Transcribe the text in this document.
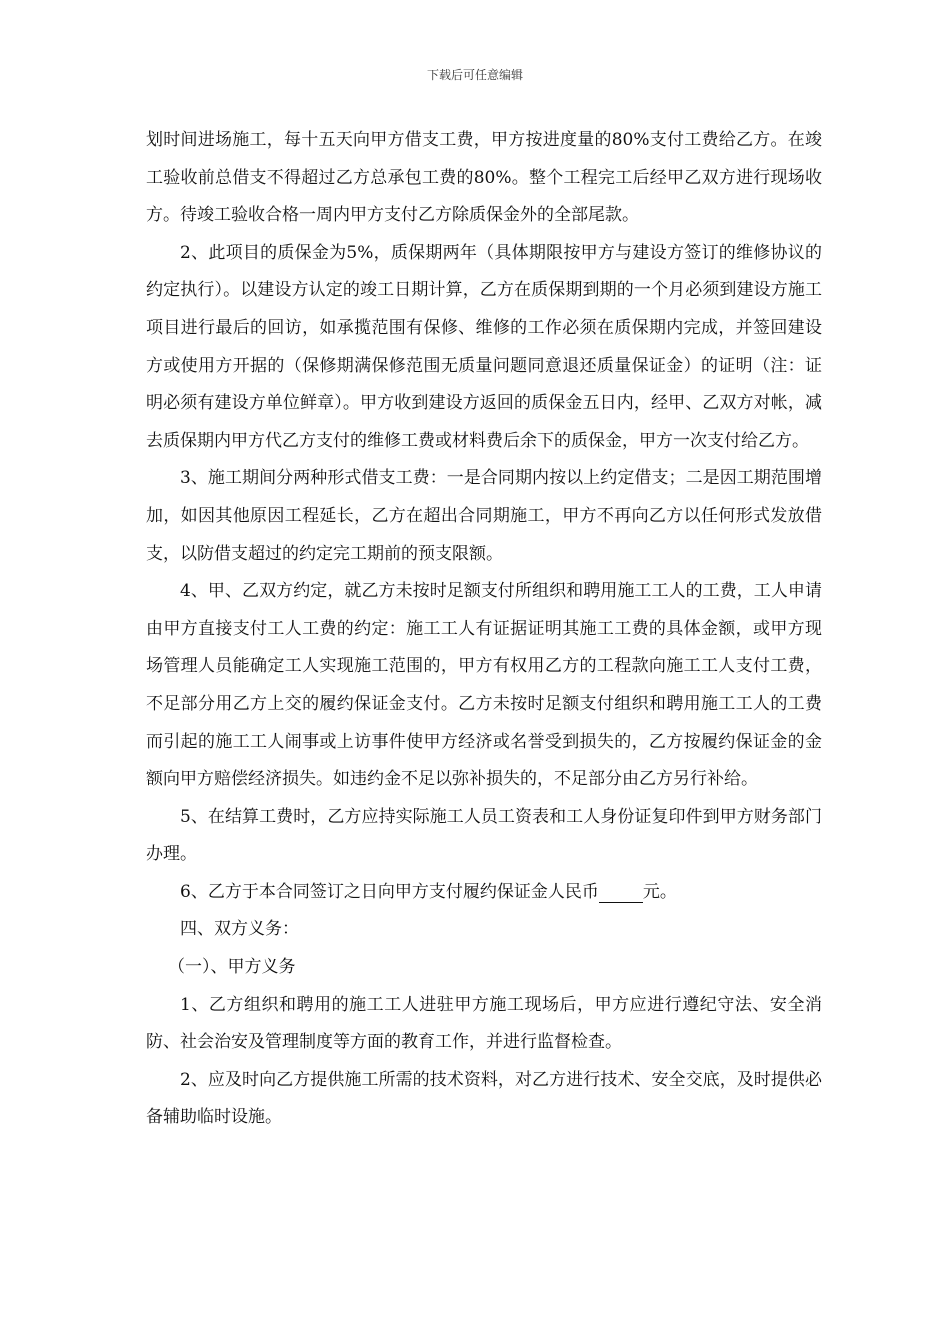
下载后可任意编辑

划时间进场施工，每十五天向甲方借支工费，甲方按进度量的80%支付工费给乙方。在竣工验收前总借支不得超过乙方总承包工费的80%。整个工程完工后经甲乙双方进行现场收方。待竣工验收合格一周内甲方支付乙方除质保金外的全部尾款。

2、此项目的质保金为5%，质保期两年（具体期限按甲方与建设方签订的维修协议的约定执行）。以建设方认定的竣工日期计算，乙方在质保期到期的一个月必须到建设方施工项目进行最后的回访，如承揽范围有保修、维修的工作必须在质保期内完成，并签回建设方或使用方开据的（保修期满保修范围无质量问题同意退还质量保证金）的证明（注：证明必须有建设方单位鲜章）。甲方收到建设方返回的质保金五日内，经甲、乙双方对帐，减去质保期内甲方代乙方支付的维修工费或材料费后余下的质保金，甲方一次支付给乙方。

3、施工期间分两种形式借支工费：一是合同期内按以上约定借支；二是因工期范围增加，如因其他原因工程延长，乙方在超出合同期施工，甲方不再向乙方以任何形式发放借支，以防借支超过的约定完工期前的预支限额。

4、甲、乙双方约定，就乙方未按时足额支付所组织和聘用施工工人的工费，工人申请由甲方直接支付工人工费的约定：施工工人有证据证明其施工工费的具体金额，或甲方现场管理人员能确定工人实现施工范围的，甲方有权用乙方的工程款向施工工人支付工费，不足部分用乙方上交的履约保证金支付。乙方未按时足额支付组织和聘用施工工人的工费而引起的施工工人闹事或上访事件使甲方经济或名誉受到损失的，乙方按履约保证金的金额向甲方赔偿经济损失。如违约金不足以弥补损失的，不足部分由乙方另行补给。

5、在结算工费时，乙方应持实际施工人员工资表和工人身份证复印件到甲方财务部门办理。

6、乙方于本合同签订之日向甲方支付履约保证金人民币	元。

四、双方义务：

（一）、甲方义务

1、乙方组织和聘用的施工工人进驻甲方施工现场后，甲方应进行遵纪守法、安全消防、社会治安及管理制度等方面的教育工作，并进行监督检查。

2、应及时向乙方提供施工所需的技术资料，对乙方进行技术、安全交底，及时提供必备辅助临时设施。
